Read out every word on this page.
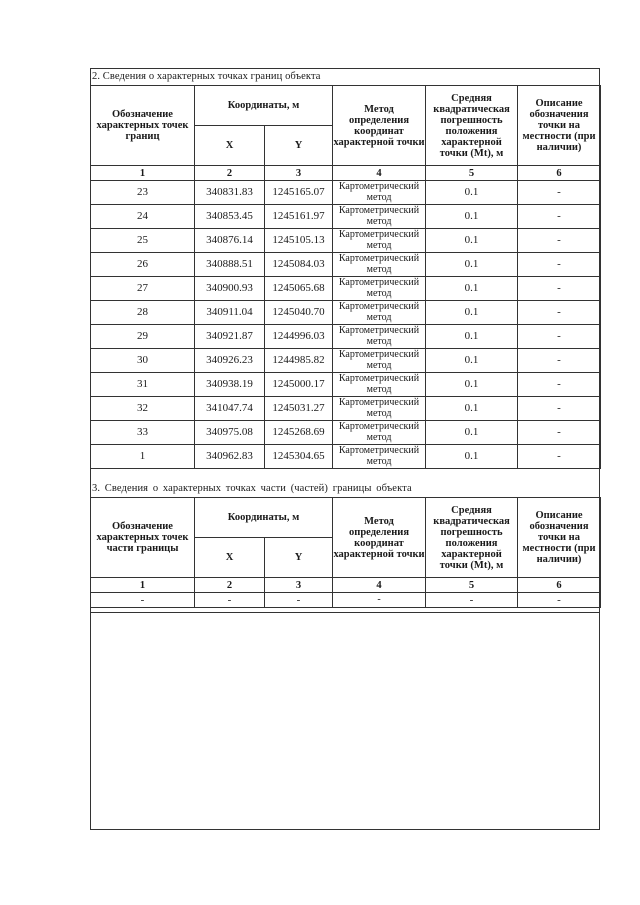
2. Сведения о характерных точках границ объекта
Обозначение характерных точек границ	Координаты, м		Метод определения координат характерной точки	Средняя квадратическая погрешность положения характерной точки (Mt), м	Описание обозначения точки на местности (при наличии)
	X	Y			
1	2	3	4	5	6
23	340831.83	1245165.07	Картометрический метод	0.1	-
24	340853.45	1245161.97	Картометрический метод	0.1	-
25	340876.14	1245105.13	Картометрический метод	0.1	-
26	340888.51	1245084.03	Картометрический метод	0.1	-
27	340900.93	1245065.68	Картометрический метод	0.1	-
28	340911.04	1245040.70	Картометрический метод	0.1	-
29	340921.87	1244996.03	Картометрический метод	0.1	-
30	340926.23	1244985.82	Картометрический метод	0.1	-
31	340938.19	1245000.17	Картометрический метод	0.1	-
32	341047.74	1245031.27	Картометрический метод	0.1	-
33	340975.08	1245268.69	Картометрический метод	0.1	-
1	340962.83	1245304.65	Картометрический метод	0.1	-
3. Сведения о характерных точках части (частей) границы объекта
Обозначение характерных точек части границы	Координаты, м		Метод определения координат характерной точки	Средняя квадратическая погрешность положения характерной точки (Mt), м	Описание обозначения точки на местности (при наличии)
	X	Y			
1	2	3	4	5	6
-	-	-	-	-	-
